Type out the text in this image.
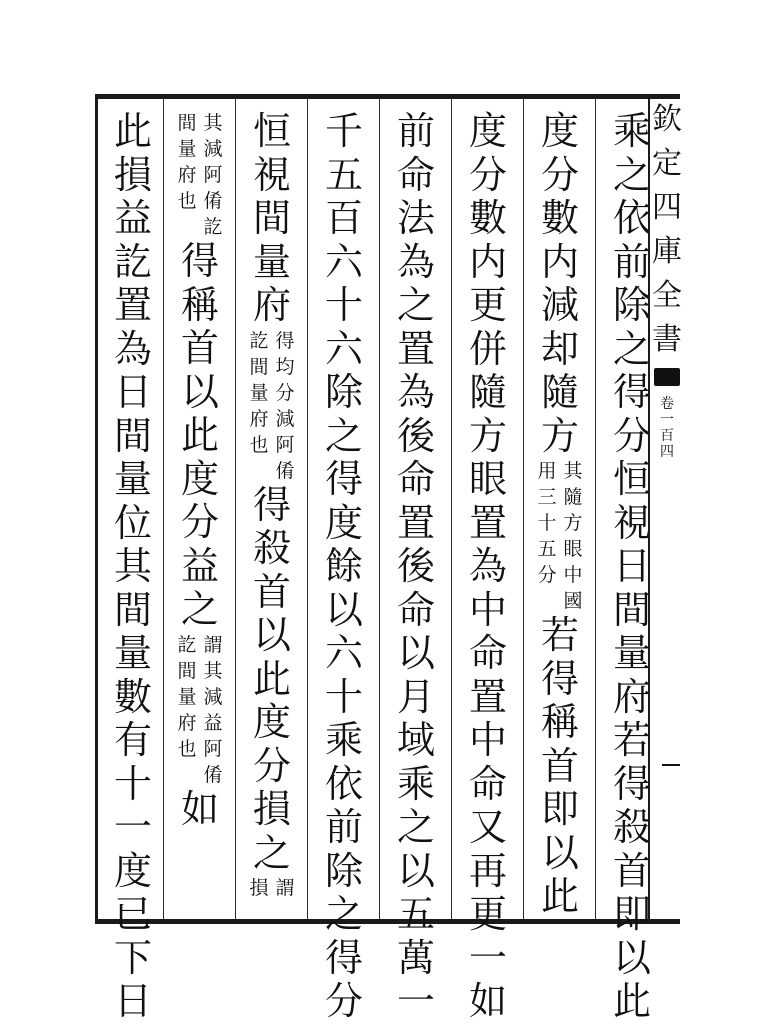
乘
之
依
前
除
之
得
分
恒
視
日
間
量
府
若
得
殺
首
即
以
此
度
分
數
内
減
却
隨
方
其
隨
方
眼
中
國
用
三
十
五
分
若
得
稱
首
即
以
此
度
分
數
内
更
併
隨
方
眼
置
為
中
命
置
中
命
又
再
更
一
如
前
命
法
為
之
置
為
後
命
置
後
命
以
月
域
乘
之
以
五
萬
一
千
五
百
六
十
六
除
之
得
度
餘
以
六
十
乘
依
前
除
之
得
分
恒
視
間
量
府
得
均
分
減
阿
倄
訖
間
量
府
也
得
殺
首
以
此
度
分
損
之
謂
損
其
減
阿
倄
訖
間
量
府
也
得
稱
首
以
此
度
分
益
之
謂
其
減
益
阿
倄
訖
間
量
府
也
如
此
損
益
訖
置
為
日
間
量
位
其
間
量
數
有
十
一
度
已
下
日
欽
定
四
庫
全
書
卷
一
百
四
